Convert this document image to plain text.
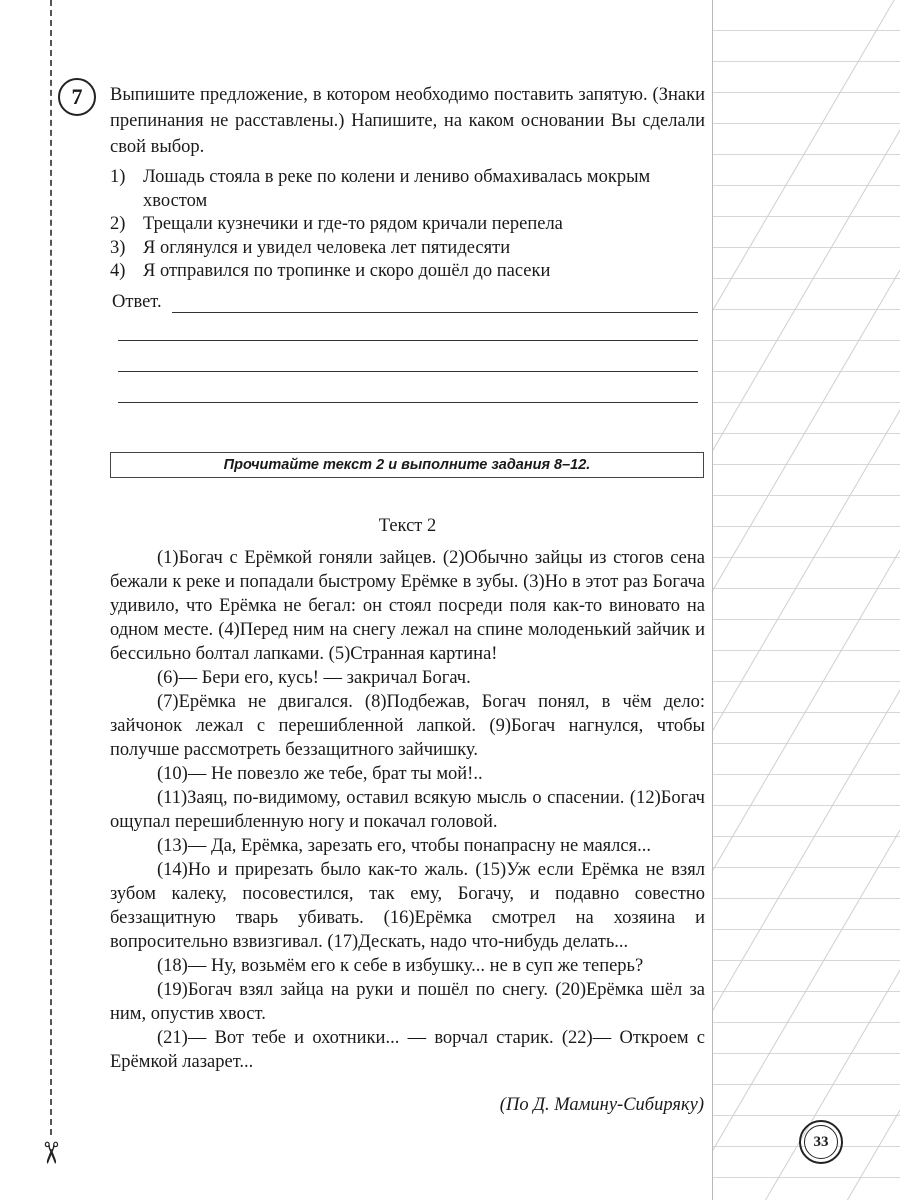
✂
7	Выпишите предложение, в котором необходимо поставить запятую. (Знаки препинания не расставлены.) Напишите, на каком основании Вы сделали свой выбор.
1) Лошадь стояла в реке по колени и лениво обмахивалась мокрым хвостом
2) Трещали кузнечики и где-то рядом кричали перепела
3) Я оглянулся и увидел человека лет пятидесяти
4) Я отправился по тропинке и скоро дошёл до пасеки
Ответ.
Прочитайте текст 2 и выполните задания 8–12.
Текст 2

(1)Богач с Ерёмкой гоняли зайцев. (2)Обычно зайцы из стогов сена бежали к реке и попадали быстрому Ерёмке в зубы. (3)Но в этот раз Богача удивило, что Ерёмка не бегал: он стоял посреди поля как-то виновато на одном месте. (4)Перед ним на снегу лежал на спине молоденький зайчик и бессильно болтал лапками. (5)Странная картина!

(6)— Бери его, кусь! — закричал Богач.

(7)Ерёмка не двигался. (8)Подбежав, Богач понял, в чём дело: зайчонок лежал с перешибленной лапкой. (9)Богач нагнулся, чтобы получше рассмотреть беззащитного зайчишку.

(10)— Не повезло же тебе, брат ты мой!..

(11)Заяц, по-видимому, оставил всякую мысль о спасении. (12)Богач ощупал перешибленную ногу и покачал головой.

(13)— Да, Ерёмка, зарезать его, чтобы понапрасну не маялся...

(14)Но и прирезать было как-то жаль. (15)Уж если Ерёмка не взял зубом калеку, посовестился, так ему, Богачу, и подавно совестно беззащитную тварь убивать. (16)Ерёмка смотрел на хозяина и вопросительно взвизгивал. (17)Дескать, надо что-нибудь делать...

(18)— Ну, возьмём его к себе в избушку... не в суп же теперь?

(19)Богач взял зайца на руки и пошёл по снегу. (20)Ерёмка шёл за ним, опустив хвост.

(21)— Вот тебе и охотники... — ворчал старик. (22)— Откроем с Ерёмкой лазарет...

(По Д. Мамину-Сибиряку)
33
